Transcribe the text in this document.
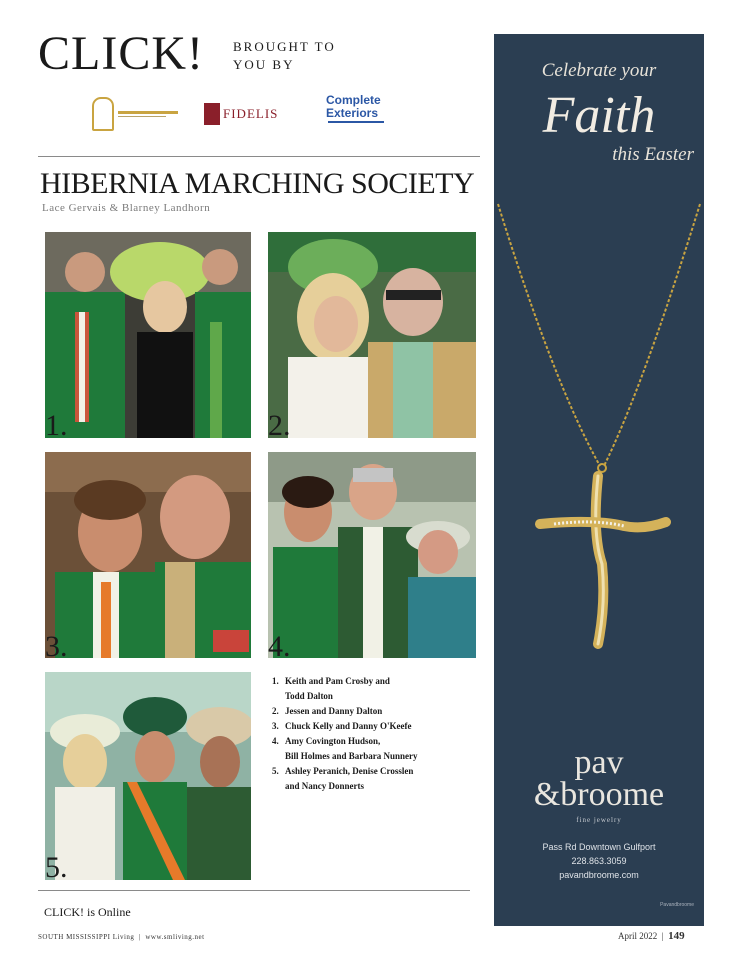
CLICK! BROUGHT TO
YOU BY
FIDELIS
Complete
Exteriors
HIBERNIA MARCHING SOCIETY
Lace Gervais & Blarney Landhorn
1.	2.
3.	4.
5.
1. Keith and Pam Crosby and
Todd Dalton
2. Jessen and Danny Dalton
3. Chuck Kelly and Danny O'Keefe
4. Amy Covington Hudson,
Bill Holmes and Barbara Nunnery
5. Ashley Peranich, Denise Crosslen
and Nancy Donnerts
CLICK! is Online
SOUTH MISSISSIPPI Living  |  www.smliving.net	April 2022  |  149
Celebrate your
Faith
this Easter
pav
&broome
fine jewelry
Pass Rd Downtown Gulfport
228.863.3059
pavandbroome.com
Pavandbroome
